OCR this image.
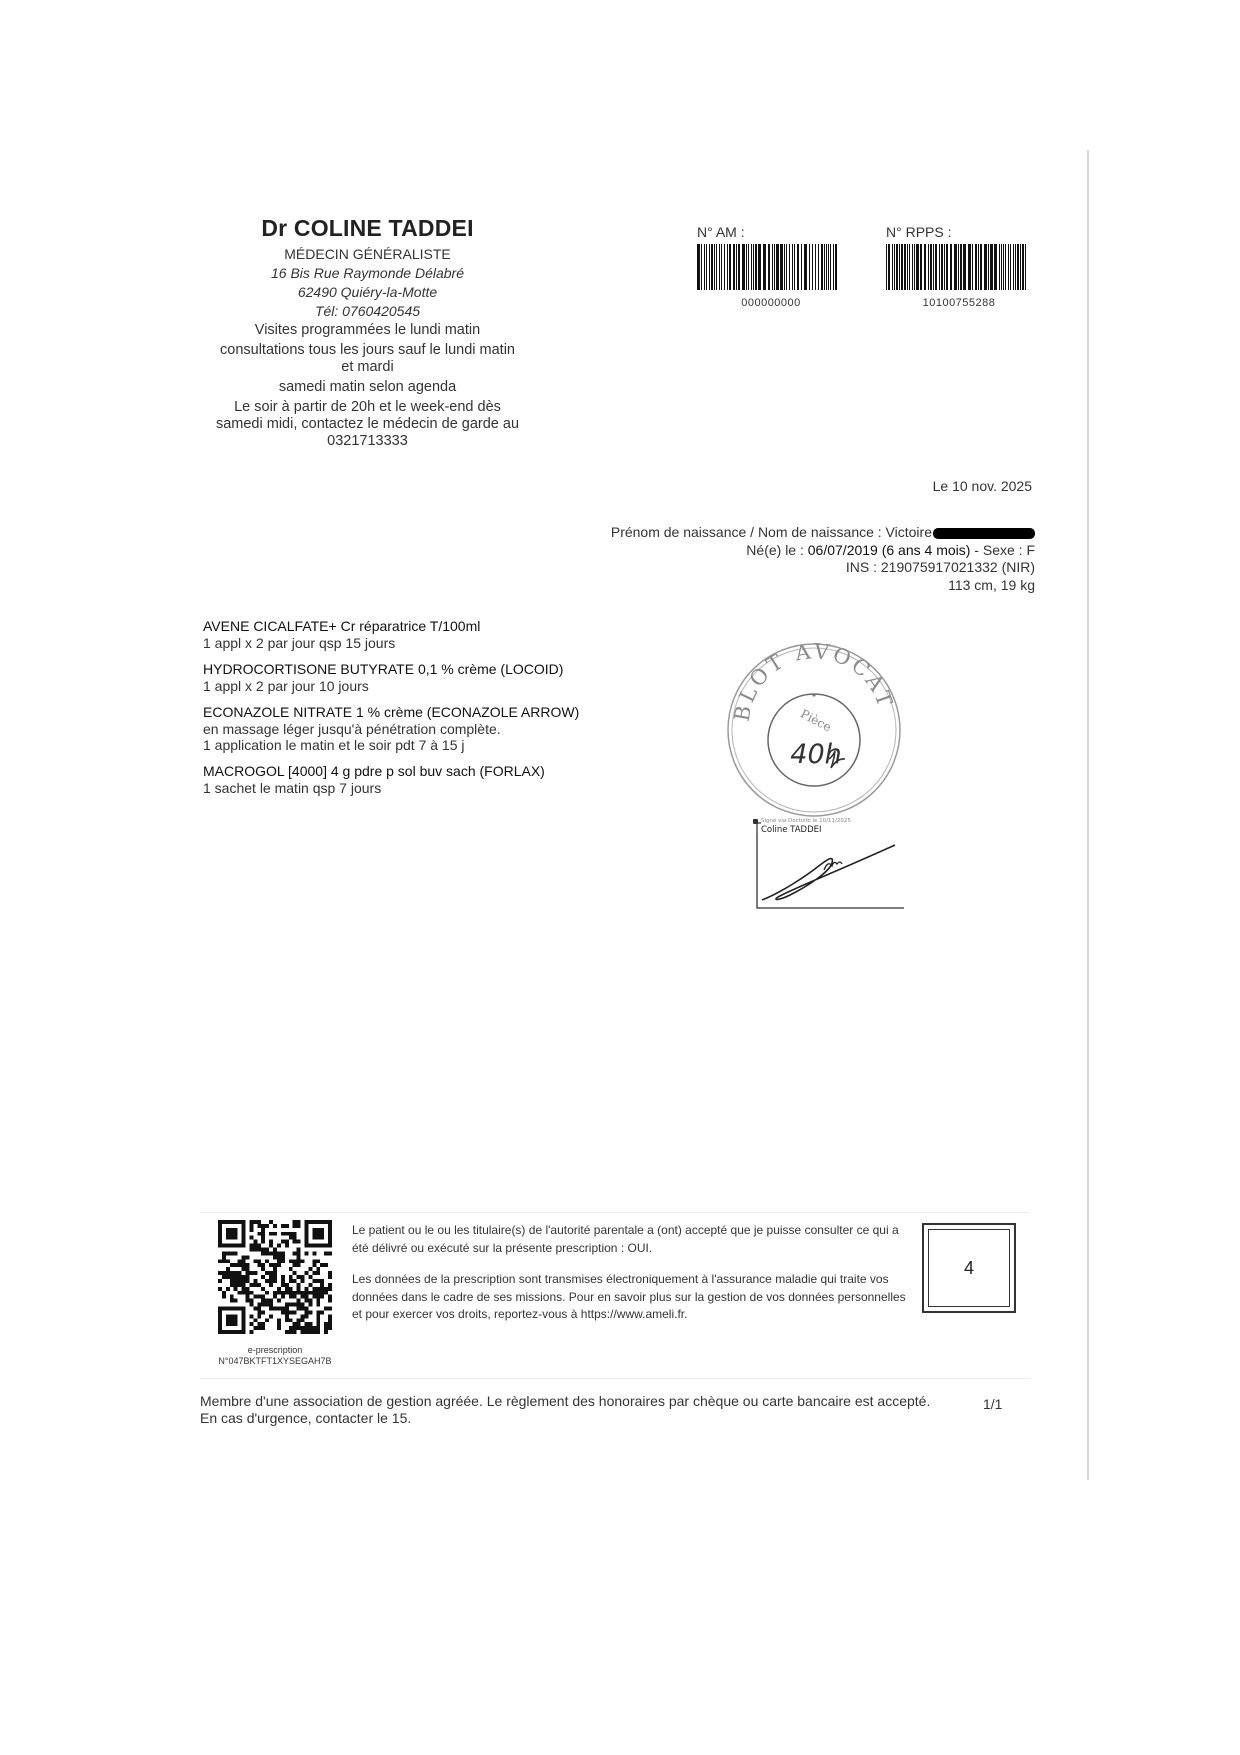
Dr COLINE TADDEI
MÉDECIN GÉNÉRALISTE
16 Bis Rue Raymonde Délabré
62490 Quiéry-la-Motte
Tél: 0760420545
Visites programmées le lundi matin
consultations tous les jours sauf le lundi matin
et mardi
samedi matin selon agenda
Le soir à partir de 20h et le week-end dès
samedi midi, contactez le médecin de garde au
0321713333
N° AM :
000000000
N° RPPS :
10100755288
Le 10 nov. 2025
Prénom de naissance / Nom de naissance : Victoire
Né(e) le : 06/07/2019 (6 ans 4 mois) - Sexe : F
INS : 219075917021332 (NIR)
113 cm, 19 kg
AVENE CICALFATE+ Cr réparatrice T/100ml
1 appl x 2 par jour qsp 15 jours
HYDROCORTISONE BUTYRATE 0,1 % crème (LOCOID)
1 appl x 2 par jour 10 jours
ECONAZOLE NITRATE 1 % crème (ECONAZOLE ARROW)
en massage léger jusqu'à pénétration complète.
1 application le matin et le soir pdt 7 à 15 j
MACROGOL [4000] 4 g pdre p sol buv sach (FORLAX)
1 sachet le matin qsp 7 jours
BLOT AVOCAT
Pièce
40h
Signé via Doctolib le 10/11/2025
Coline TADDEI
e-prescription
N°047BKTFT1XYSEGAH7B

Le patient ou le ou les titulaire(s) de l'autorité parentale a (ont) accepté que je puisse consulter ce qui a été délivré ou exécuté sur la présente prescription : OUI.

Les données de la prescription sont transmises électroniquement à l'assurance maladie qui traite vos données dans le cadre de ses missions. Pour en savoir plus sur la gestion de vos données personnelles et pour exercer vos droits, reportez-vous à https://www.ameli.fr.

4
Membre d'une association de gestion agréée. Le règlement des honoraires par chèque ou carte bancaire est accepté. En cas d'urgence, contacter le 15.
1/1
